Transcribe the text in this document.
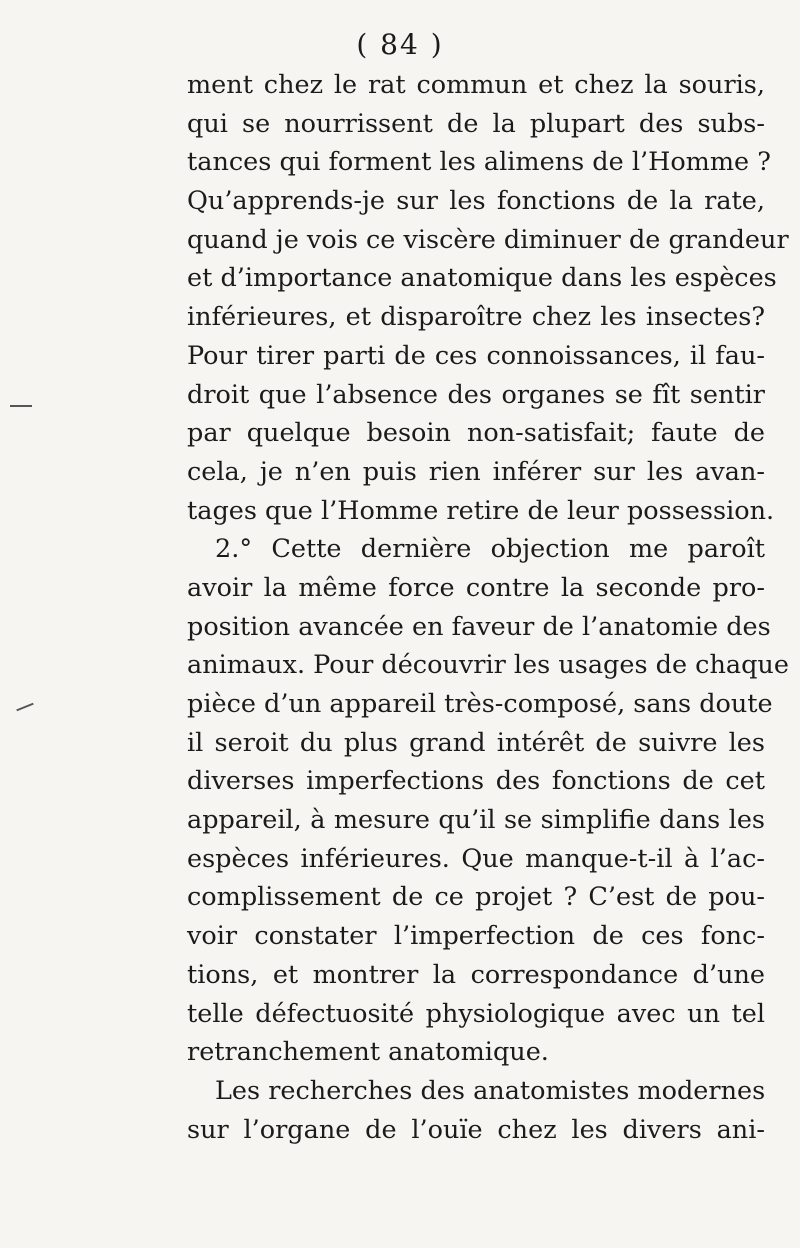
( 84 )
ment chez le rat commun et chez la souris,
qui se nourrissent de la plupart des subs-
tances qui forment les alimens de l’Homme ?
Qu’apprends-je sur les fonctions de la rate,
quand je vois ce viscère diminuer de grandeur
et d’importance anatomique dans les espèces
inférieures, et disparoître chez les insectes?
Pour tirer parti de ces connoissances, il fau-
droit que l’absence des organes se fît sentir
par quelque besoin non-satisfait; faute de
cela, je n’en puis rien inférer sur les avan-
tages que l’Homme retire de leur possession.
2.° Cette dernière objection me paroît
avoir la même force contre la seconde pro-
position avancée en faveur de l’anatomie des
animaux. Pour découvrir les usages de chaque
pièce d’un appareil très-composé, sans doute
il seroit du plus grand intérêt de suivre les
diverses imperfections des fonctions de cet
appareil, à mesure qu’il se simplifie dans les
espèces inférieures. Que manque-t-il à l’ac-
complissement de ce projet ? C’est de pou-
voir constater l’imperfection de ces fonc-
tions, et montrer la correspondance d’une
telle défectuosité physiologique avec un tel
retranchement anatomique.
Les recherches des anatomistes modernes
sur l’organe de l’ouïe chez les divers ani-
